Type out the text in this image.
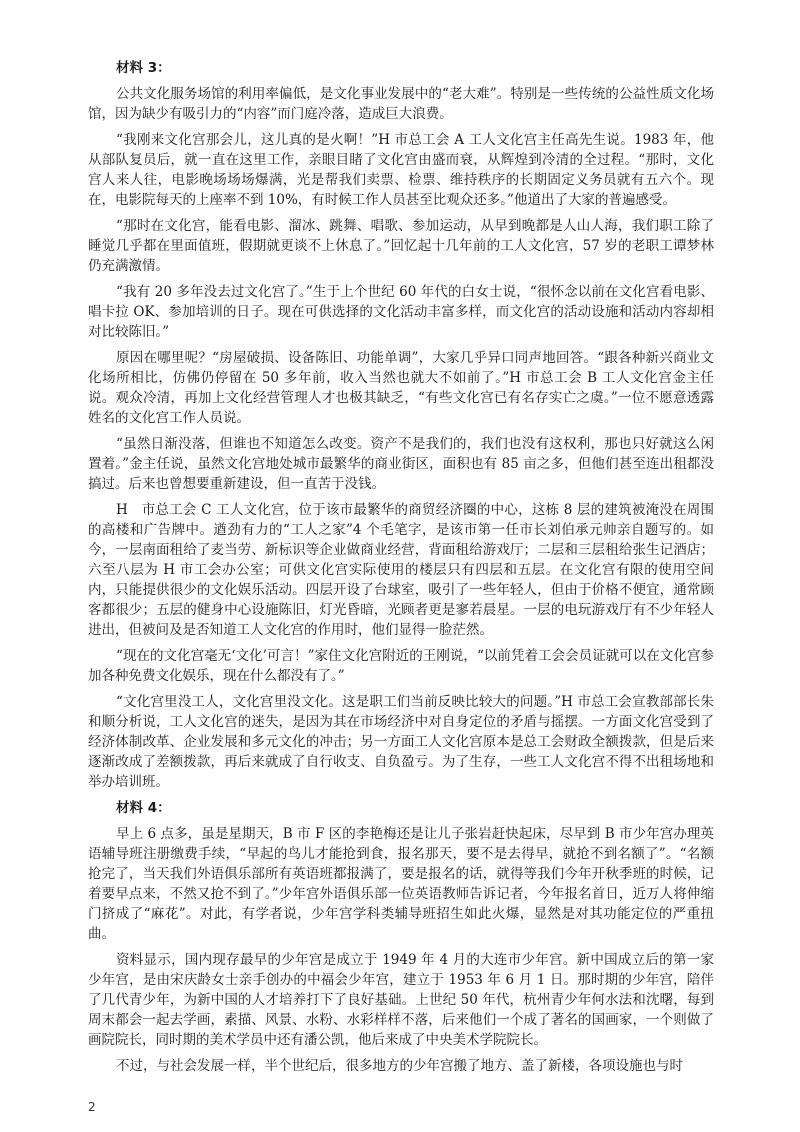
材料 3：

公共文化服务场馆的利用率偏低，是文化事业发展中的“老大难”。特别是一些传统的公益性质文化场馆，因为缺少有吸引力的“内容”而门庭冷落，造成巨大浪费。

“我刚来文化宫那会儿，这儿真的是火啊！”H 市总工会 A 工人文化宫主任高先生说。1983 年，他从部队复员后，就一直在这里工作，亲眼目睹了文化宫由盛而衰，从辉煌到冷清的全过程。“那时，文化宫人来人往，电影晚场场场爆满，光是帮我们卖票、检票、维持秩序的长期固定义务员就有五六个。现在，电影院每天的上座率不到 10%，有时候工作人员甚至比观众还多。”他道出了大家的普遍感受。

“那时在文化宫，能看电影、溜冰、跳舞、唱歌、参加运动，从早到晚都是人山人海，我们职工除了睡觉几乎都在里面值班，假期就更谈不上休息了。”回忆起十几年前的工人文化宫，57 岁的老职工谭梦林仍充满激情。

“我有 20 多年没去过文化宫了。”生于上个世纪 60 年代的白女士说，“很怀念以前在文化宫看电影、唱卡拉 OK、参加培训的日子。现在可供选择的文化活动丰富多样，而文化宫的活动设施和活动内容却相对比较陈旧。”

原因在哪里呢？“房屋破损、设备陈旧、功能单调”，大家几乎异口同声地回答。“跟各种新兴商业文化场所相比，仿佛仍停留在 50 多年前，收入当然也就大不如前了。”H 市总工会 B 工人文化宫金主任说。观众冷清，再加上文化经营管理人才也极其缺乏，“有些文化宫已有名存实亡之虞。”一位不愿意透露姓名的文化宫工作人员说。

“虽然日渐没落，但谁也不知道怎么改变。资产不是我们的，我们也没有这权利，那也只好就这么闲置着。”金主任说，虽然文化宫地处城市最繁华的商业街区，面积也有 85 亩之多，但他们甚至连出租都没搞过。后来也曾想要重新建设，但一直苦于没钱。

H　市总工会 C 工人文化宫，位于该市最繁华的商贸经济圈的中心，这栋 8 层的建筑被淹没在周围的高楼和广告牌中。遒劲有力的“工人之家”4 个毛笔字，是该市第一任市长刘伯承元帅亲自题写的。如今，一层南面租给了麦当劳、新标识等企业做商业经营，背面租给游戏厅；二层和三层租给张生记酒店；六至八层为 H 市工会办公室；可供文化宫实际使用的楼层只有四层和五层。在文化宫有限的使用空间内，只能提供很少的文化娱乐活动。四层开设了台球室，吸引了一些年轻人，但由于价格不便宜，通常顾客都很少；五层的健身中心设施陈旧，灯光昏暗，光顾者更是寥若晨星。一层的电玩游戏厅有不少年轻人进出，但被问及是否知道工人文化宫的作用时，他们显得一脸茫然。

“现在的文化宫毫无‘文化’可言！”家住文化宫附近的王刚说，“以前凭着工会会员证就可以在文化宫参加各种免费文化娱乐，现在什么都没有了。”

“文化宫里没工人，文化宫里没文化。这是职工们当前反映比较大的问题。”H 市总工会宣教部部长朱和顺分析说，工人文化宫的迷失，是因为其在市场经济中对自身定位的矛盾与摇摆。一方面文化宫受到了经济体制改革、企业发展和多元文化的冲击；另一方面工人文化宫原本是总工会财政全额拨款，但是后来逐渐改成了差额拨款，再后来就成了自行收支、自负盈亏。为了生存，一些工人文化宫不得不出租场地和举办培训班。

材料 4：

早上 6 点多，虽是星期天，B 市 F 区的李艳梅还是让儿子张岩赶快起床，尽早到 B 市少年宫办理英语辅导班注册缴费手续，“早起的鸟儿才能抢到食，报名那天，要不是去得早，就抢不到名额了”。“名额抢完了，当天我们外语俱乐部所有英语班都报满了，要是报名的话，就得等我们今年开秋季班的时候，记着要早点来，不然又抢不到了。”少年宫外语俱乐部一位英语教师告诉记者，今年报名首日，近万人将伸缩门挤成了“麻花”。对此，有学者说，少年宫学科类辅导班招生如此火爆，显然是对其功能定位的严重扭曲。

资料显示，国内现存最早的少年宫是成立于 1949 年 4 月的大连市少年宫。新中国成立后的第一家少年宫，是由宋庆龄女士亲手创办的中福会少年宫，建立于 1953 年 6 月 1 日。那时期的少年宫，陪伴了几代青少年，为新中国的人才培养打下了良好基础。上世纪 50 年代，杭州青少年何水法和沈曙，每到周末都会一起去学画，素描、风景、水粉、水彩样样不落，后来他们一个成了著名的国画家，一个则做了画院院长，同时期的美术学员中还有潘公凯，他后来成了中央美术学院院长。

不过，与社会发展一样，半个世纪后，很多地方的少年宫搬了地方、盖了新楼，各项设施也与时

2
